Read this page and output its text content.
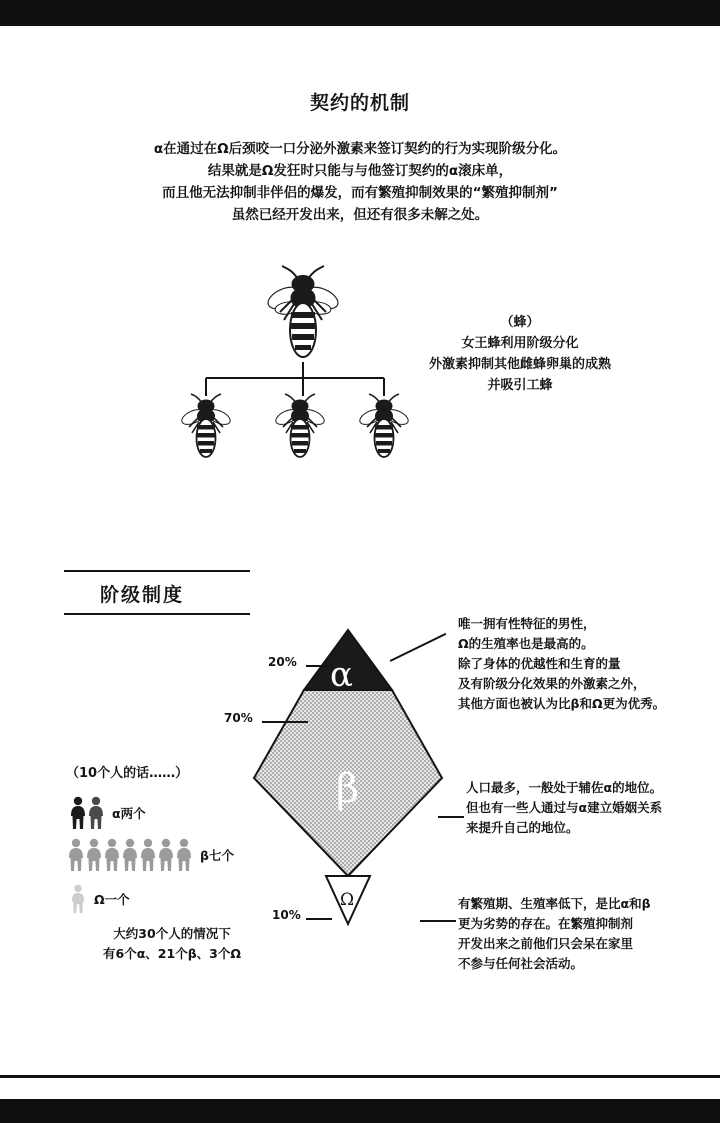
契约的机制
α在通过在Ω后颈咬一口分泌外激素来签订契约的行为实现阶级分化。
结果就是Ω发狂时只能与与他签订契约的α滚床单，
而且他无法抑制非伴侣的爆发，而有繁殖抑制效果的“繁殖抑制剂”
虽然已经开发出来，但还有很多未解之处。
（蜂）
女王蜂利用阶级分化
外激素抑制其他雌蜂卵巢的成熟
并吸引工蜂
阶级制度
20%
70%
10%
α
β
Ω
唯一拥有性特征的男性，
Ω的生殖率也是最高的。
除了身体的优越性和生育的量
及有阶级分化效果的外激素之外，
其他方面也被认为比β和Ω更为优秀。
人口最多，一般处于辅佐α的地位。
但也有一些人通过与α建立婚姻关系
来提升自己的地位。
有繁殖期、生殖率低下，是比α和β
更为劣势的存在。在繁殖抑制剂
开发出来之前他们只会呆在家里
不参与任何社会活动。
（10个人的话……）
α两个
β七个
Ω一个
大约30个人的情况下
有6个α、21个β、3个Ω
